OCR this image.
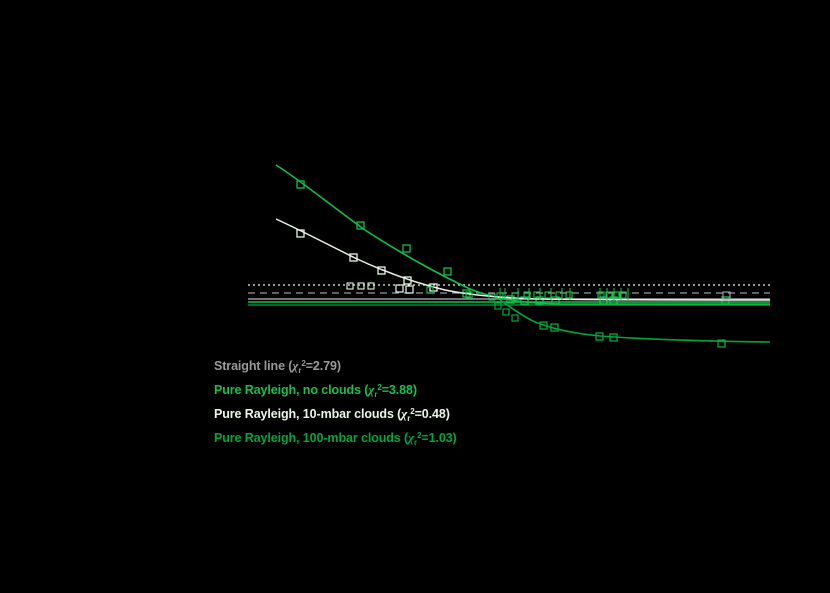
Straight line $(\chi_r^2=2.79)$
Pure Rayleigh, no clouds $(\chi_r^2=3.88)$
Pure Rayleigh, 10-mbar clouds $(\chi_r^2=0.48)$
Pure Rayleigh, 100-mbar clouds $(\chi_r^2=1.03)$
